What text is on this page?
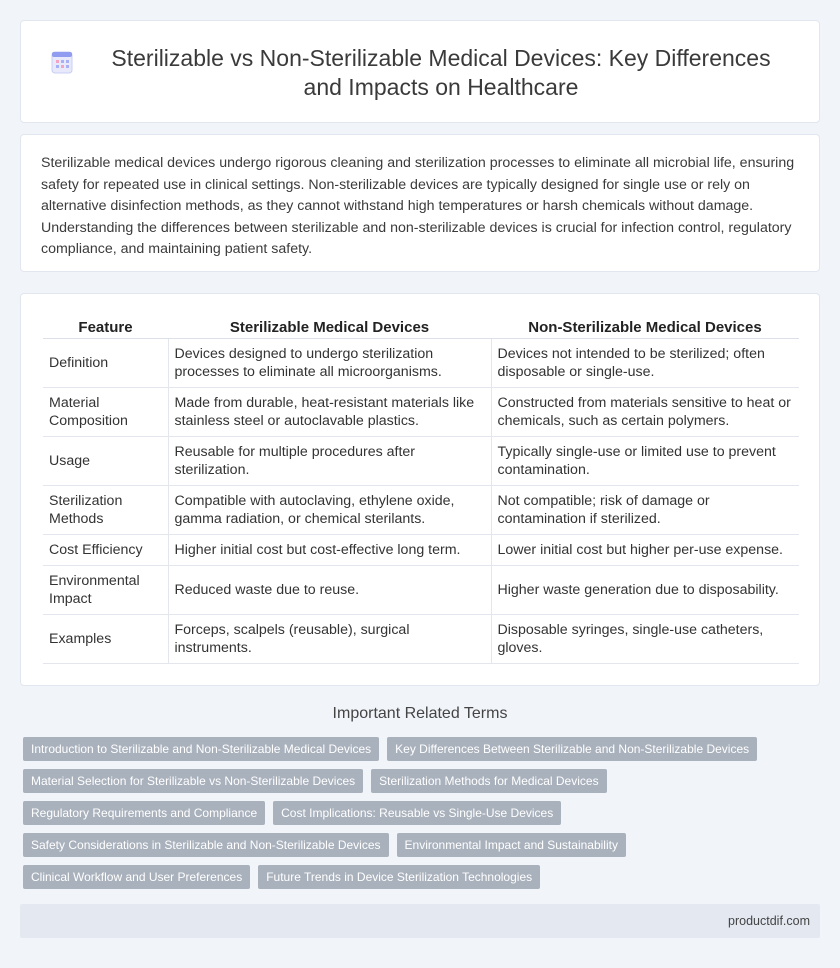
Sterilizable vs Non-Sterilizable Medical Devices: Key Differences and Impacts on Healthcare

Sterilizable medical devices undergo rigorous cleaning and sterilization processes to eliminate all microbial life, ensuring safety for repeated use in clinical settings. Non-sterilizable devices are typically designed for single use or rely on alternative disinfection methods, as they cannot withstand high temperatures or harsh chemicals without damage. Understanding the differences between sterilizable and non-sterilizable devices is crucial for infection control, regulatory compliance, and maintaining patient safety.

Feature	Sterilizable Medical Devices	Non-Sterilizable Medical Devices
Definition	Devices designed to undergo sterilization processes to eliminate all microorganisms.	Devices not intended to be sterilized; often disposable or single-use.
Material Composition	Made from durable, heat-resistant materials like stainless steel or autoclavable plastics.	Constructed from materials sensitive to heat or chemicals, such as certain polymers.
Usage	Reusable for multiple procedures after sterilization.	Typically single-use or limited use to prevent contamination.
Sterilization Methods	Compatible with autoclaving, ethylene oxide, gamma radiation, or chemical sterilants.	Not compatible; risk of damage or contamination if sterilized.
Cost Efficiency	Higher initial cost but cost-effective long term.	Lower initial cost but higher per-use expense.
Environmental Impact	Reduced waste due to reuse.	Higher waste generation due to disposability.
Examples	Forceps, scalpels (reusable), surgical instruments.	Disposable syringes, single-use catheters, gloves.
Important Related Terms
Introduction to Sterilizable and Non-Sterilizable Medical Devices	Key Differences Between Sterilizable and Non-Sterilizable Devices
Material Selection for Sterilizable vs Non-Sterilizable Devices	Sterilization Methods for Medical Devices
Regulatory Requirements and Compliance	Cost Implications: Reusable vs Single-Use Devices
Safety Considerations in Sterilizable and Non-Sterilizable Devices	Environmental Impact and Sustainability
Clinical Workflow and User Preferences	Future Trends in Device Sterilization Technologies
productdif.com
